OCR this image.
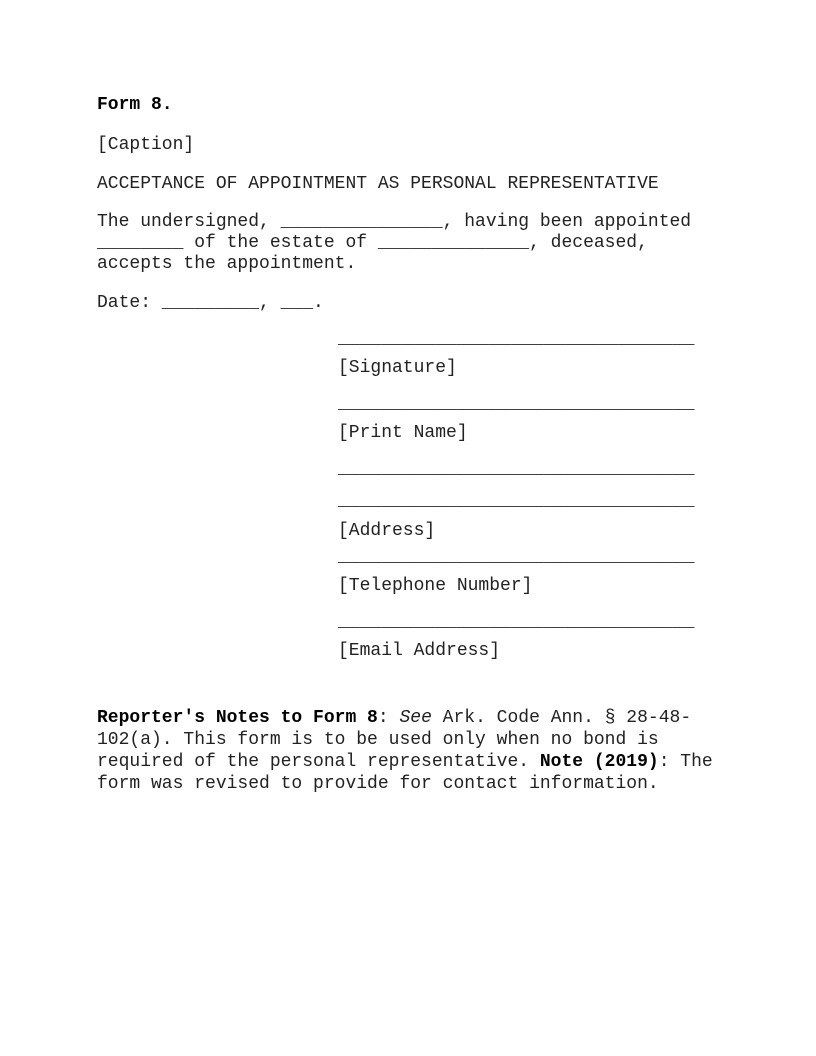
Form 8.
[Caption]
ACCEPTANCE OF APPOINTMENT AS PERSONAL REPRESENTATIVE
The undersigned, _______________, having been appointed
________ of the estate of ______________, deceased,
accepts the appointment.
Date: _________, ___.
_________________________________
[Signature]
_________________________________
[Print Name]
_________________________________
_________________________________
[Address]
_________________________________
[Telephone Number]
_________________________________
[Email Address]
Reporter's Notes to Form 8: See Ark. Code Ann. § 28-48-
102(a). This form is to be used only when no bond is
required of the personal representative. Note (2019): The
form was revised to provide for contact information.
